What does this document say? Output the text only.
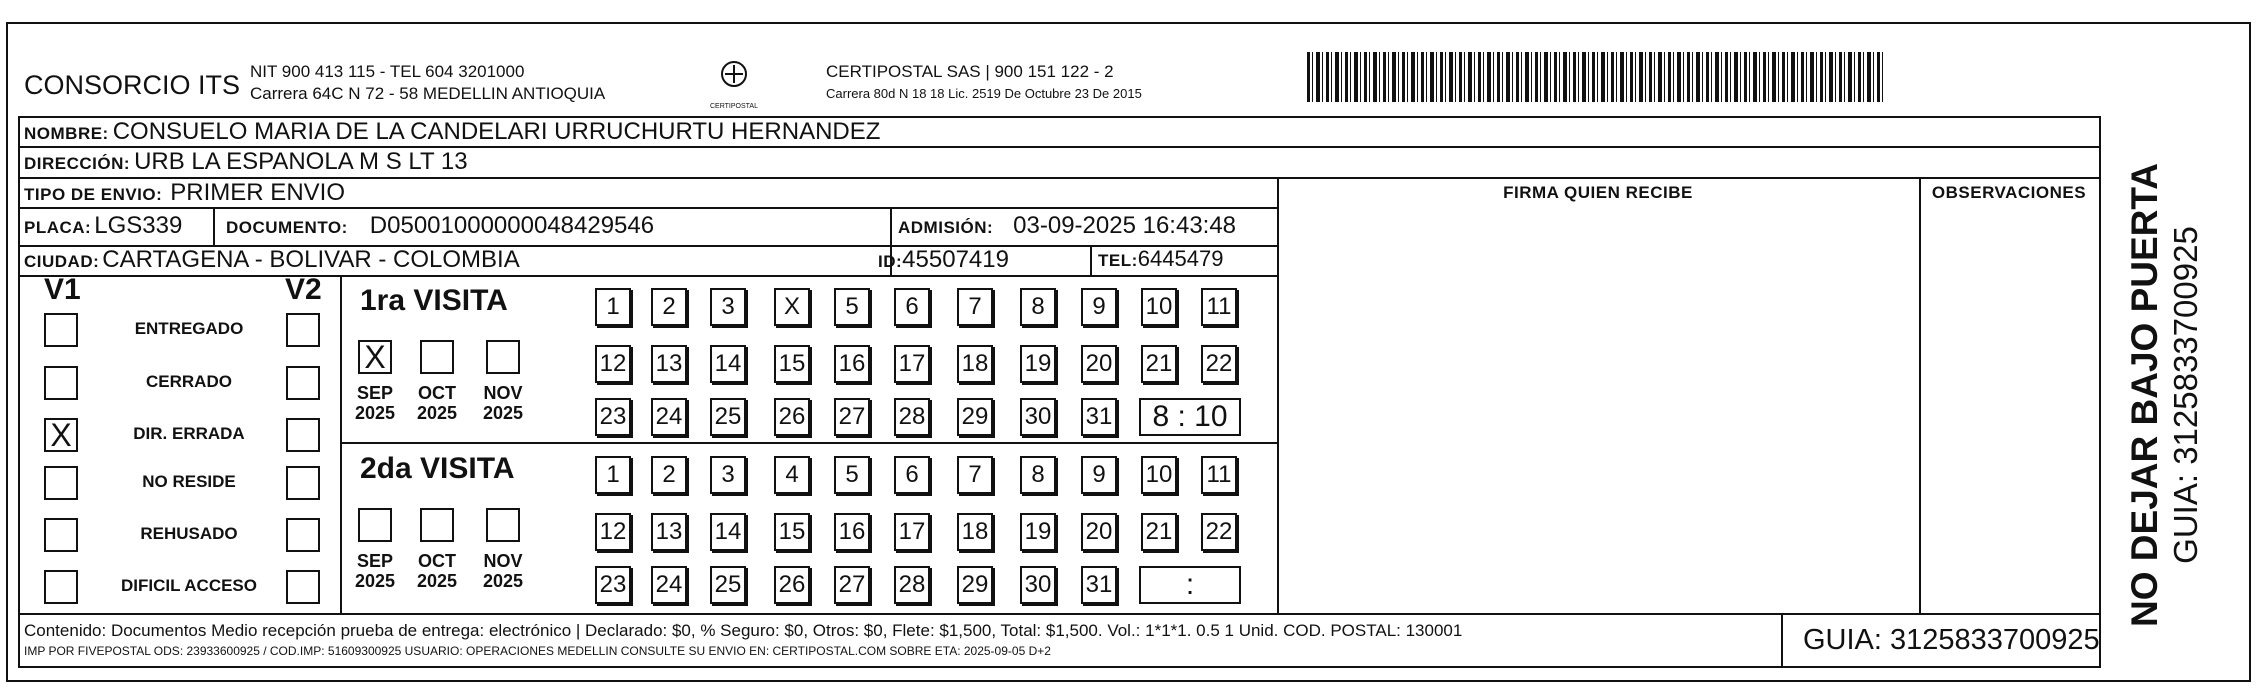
CONSORCIO ITS NIT 900 413 115 - TEL 604 3201000
Carrera 64C N 72 - 58 MEDELLIN ANTIOQUIA
CERTIPOSTAL
CERTIPOSTAL SAS | 900 151 122 - 2
Carrera 80d N 18 18 Lic. 2519 De Octubre 23 De 2015
NOMBRE: CONSUELO MARIA DE LA CANDELARI URRUCHURTU HERNANDEZ
DIRECCIÓN: URB LA ESPANOLA M S LT 13
TIPO DE ENVIO: PRIMER ENVIO
PLACA: LGS339	DOCUMENTO: D05001000000048429546	ADMISIÓN: 03-09-2025 16:43:48
CIUDAD: CARTAGENA - BOLIVAR - COLOMBIA	ID: 45507419	TEL: 6445479
FIRMA QUIEN RECIBE	OBSERVACIONES
V1	V2
ENTREGADO
CERRADO
X	DIR. ERRADA
NO RESIDE
REHUSADO
DIFICIL ACCESO
1ra VISITA
X
SEP
2025
OCT
2025
NOV
2025
1	2	3	X	5	6	7	8	9	10 11
12 13 14 15 16 17 18 19 20 21 22
23 24 25 26 27 28 29 30 31	8 : 10
2da VISITA
SEP
2025
OCT
2025
NOV
2025
1	2	3	4	5	6	7	8	9	10 11
12 13 14 15 16 17 18 19 20 21 22
23 24 25 26 27 28 29 30 31	:	NO DEJAR BAJO PUERTA GUIA: 3125833700925
Contenido: Documentos Medio recepción prueba de entrega: electrónico | Declarado: $0, % Seguro: $0, Otros: $0, Flete: $1,500, Total: $1,500. Vol.: 1*1*1. 0.5 1 Unid. COD. POSTAL: 130001
IMP POR FIVEPOSTAL ODS: 23933600925 / COD.IMP: 51609300925 USUARIO: OPERACIONES MEDELLIN CONSULTE SU ENVIO EN: CERTIPOSTAL.COM SOBRE ETA: 2025-09-05 D+2	GUIA: 3125833700925
